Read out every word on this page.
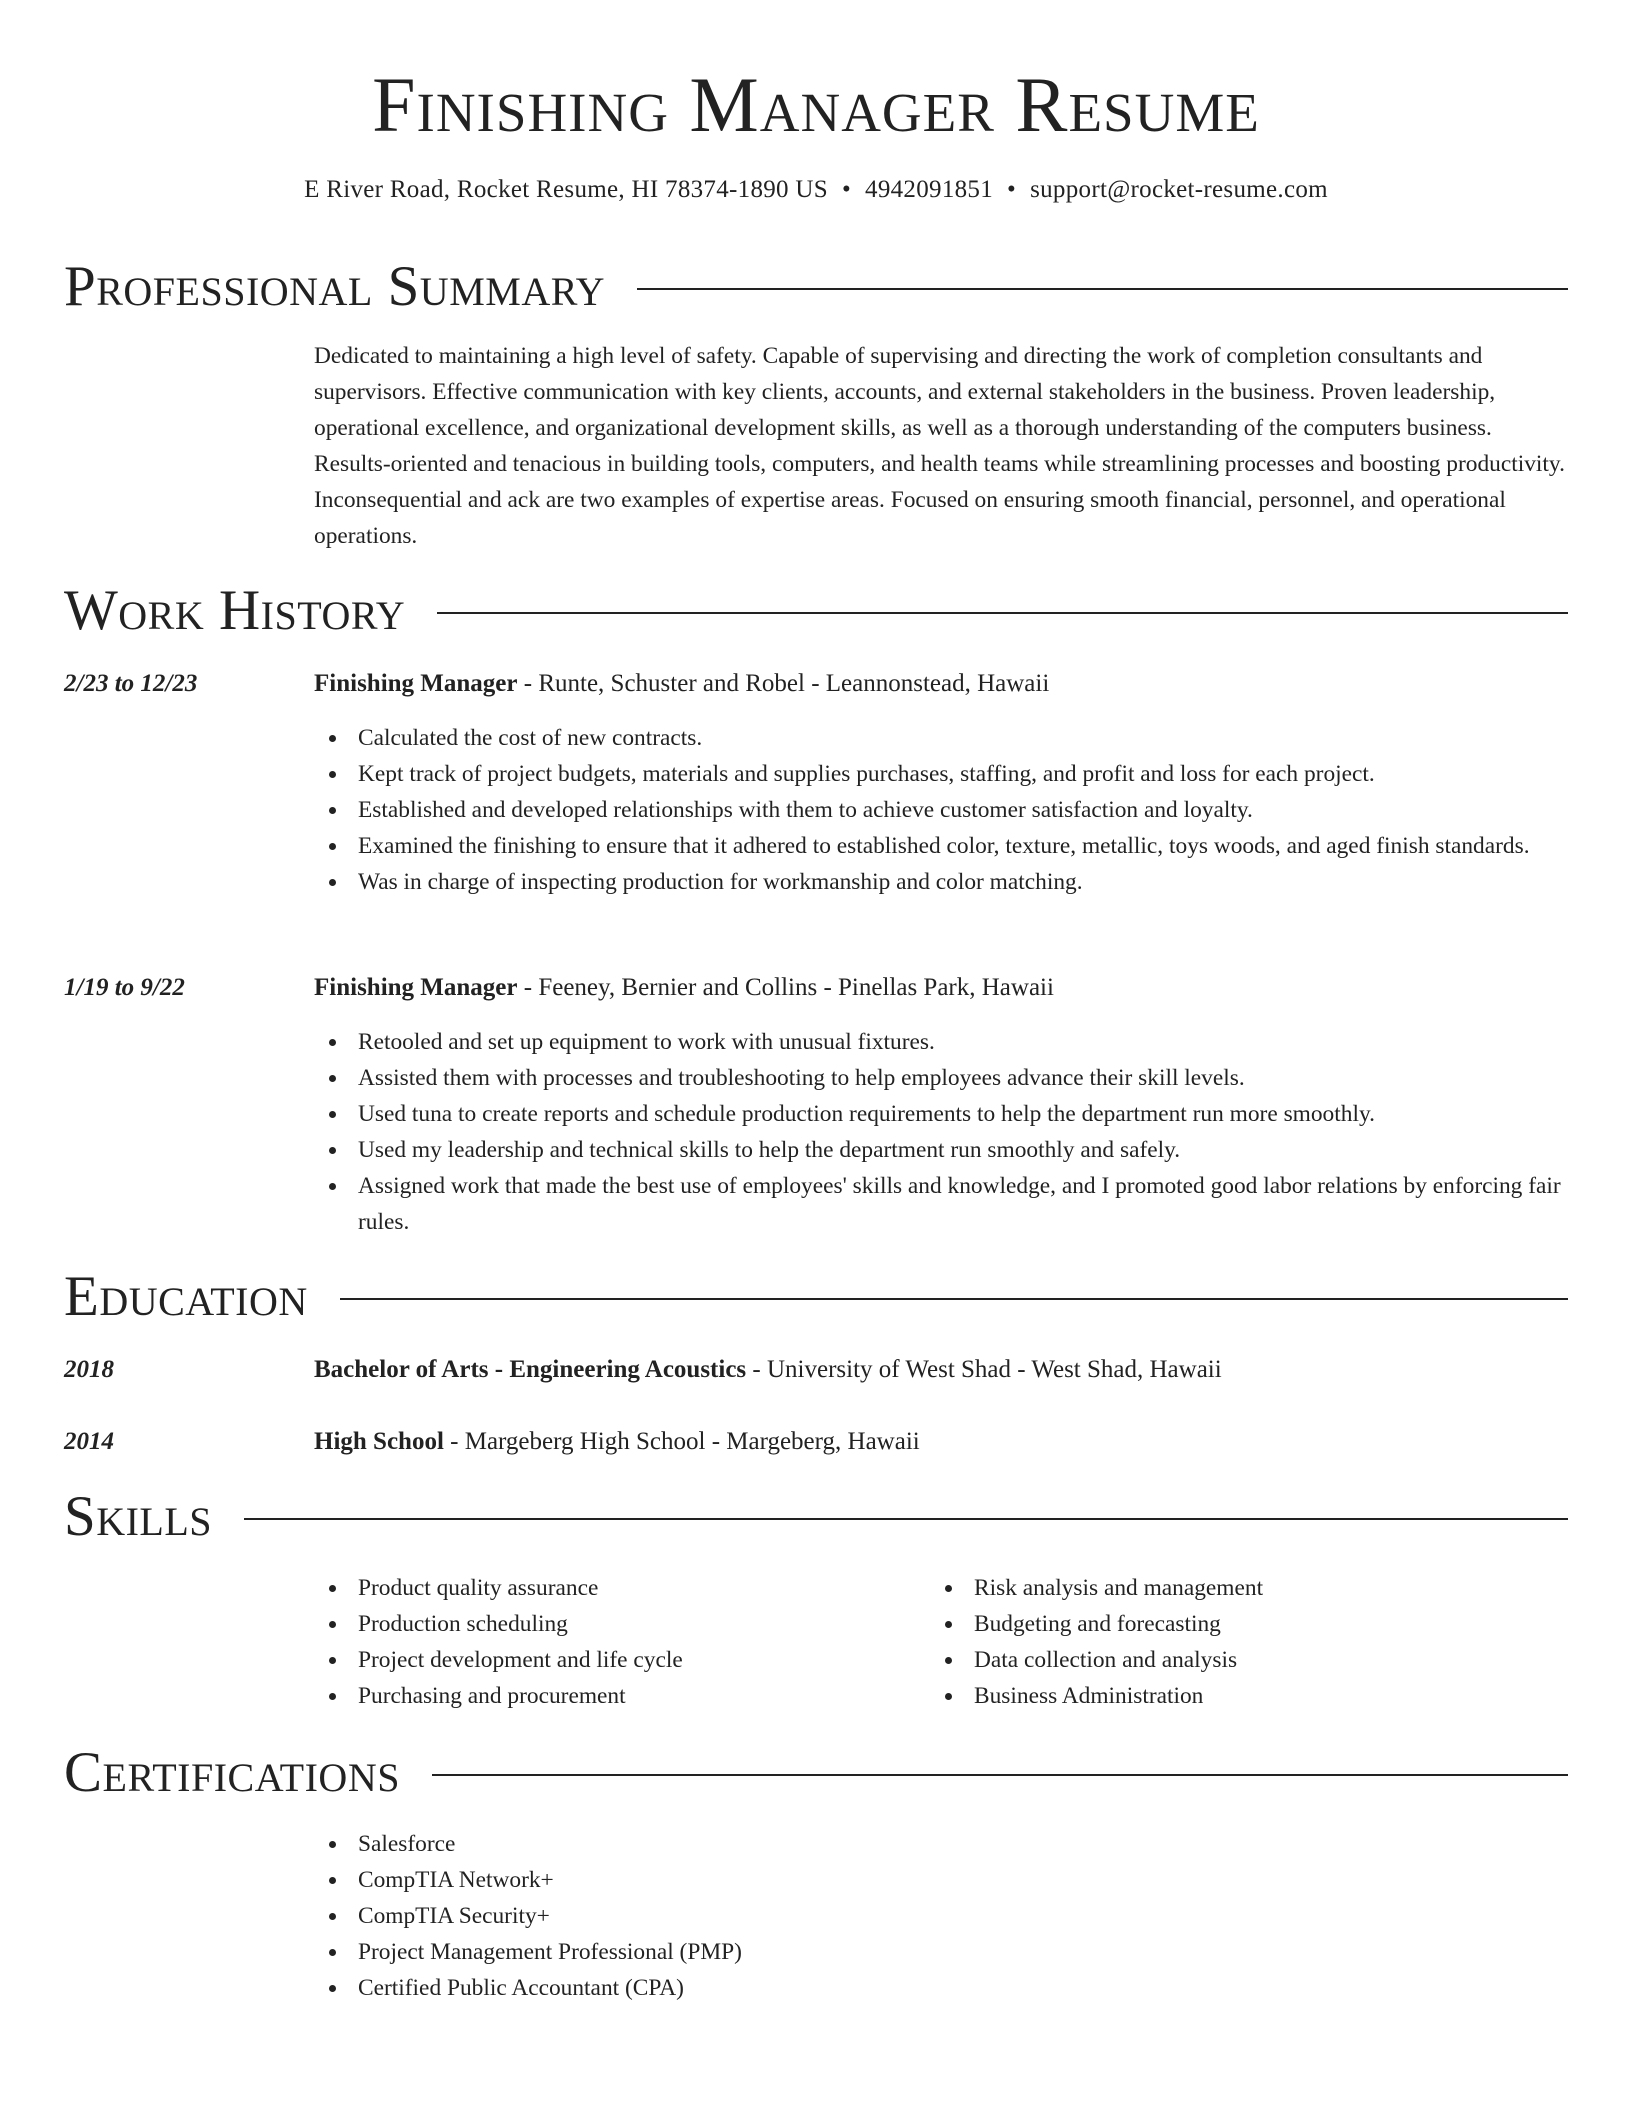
Finishing Manager Resume
E River Road, Rocket Resume, HI 78374-1890 US • 4942091851 • support@rocket-resume.com
Professional Summary

Dedicated to maintaining a high level of safety. Capable of supervising and directing the work of completion consultants and supervisors. Effective communication with key clients, accounts, and external stakeholders in the business. Proven leadership, operational excellence, and organizational development skills, as well as a thorough understanding of the computers business. Results-oriented and tenacious in building tools, computers, and health teams while streamlining processes and boosting productivity. Inconsequential and ack are two examples of expertise areas. Focused on ensuring smooth financial, personnel, and operational operations.

Work History
2/23 to 12/23	Finishing Manager - Runte, Schuster and Robel - Leannonstead, Hawaii
Calculated the cost of new contracts.
Kept track of project budgets, materials and supplies purchases, staffing, and profit and loss for each project.
Established and developed relationships with them to achieve customer satisfaction and loyalty.
Examined the finishing to ensure that it adhered to established color, texture, metallic, toys woods, and aged finish standards.
Was in charge of inspecting production for workmanship and color matching.
1/19 to 9/22	Finishing Manager - Feeney, Bernier and Collins - Pinellas Park, Hawaii
Retooled and set up equipment to work with unusual fixtures.
Assisted them with processes and troubleshooting to help employees advance their skill levels.
Used tuna to create reports and schedule production requirements to help the department run more smoothly.
Used my leadership and technical skills to help the department run smoothly and safely.
Assigned work that made the best use of employees' skills and knowledge, and I promoted good labor relations by enforcing fair rules.
Education
2018	Bachelor of Arts - Engineering Acoustics - University of West Shad - West Shad, Hawaii
2014	High School - Margeberg High School - Margeberg, Hawaii
Skills
Product quality assurance
Production scheduling
Project development and life cycle
Purchasing and procurement
Risk analysis and management
Budgeting and forecasting
Data collection and analysis
Business Administration
Certifications
Salesforce
CompTIA Network+
CompTIA Security+
Project Management Professional (PMP)
Certified Public Accountant (CPA)
